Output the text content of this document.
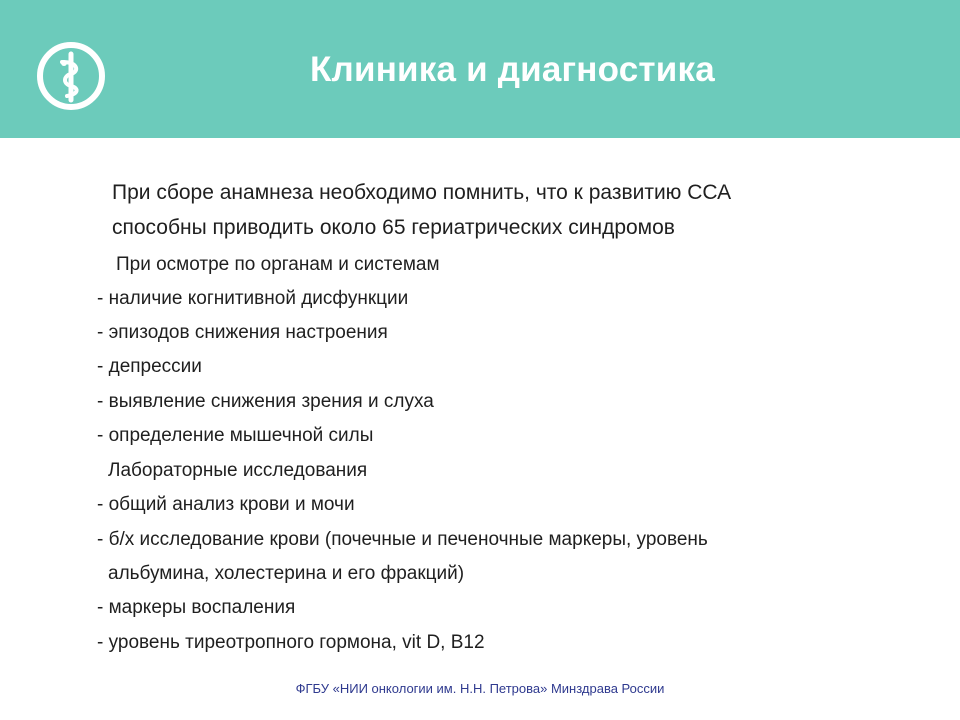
Клиника и диагностика
При сборе анамнеза необходимо помнить, что к развитию ССА
способны приводить около 65 гериатрических синдромов
При осмотре по органам и системам
- наличие когнитивной дисфункции
- эпизодов снижения настроения
- депрессии
- выявление снижения зрения и слуха
- определение мышечной силы
Лабораторные исследования
- общий анализ крови и мочи
- б/х исследование крови (почечные и печеночные маркеры, уровень
альбумина, холестерина и его фракций)
- маркеры воспаления
- уровень тиреотропного гормона, vit D, B12
ФГБУ «НИИ онкологии им. Н.Н. Петрова» Минздрава России
